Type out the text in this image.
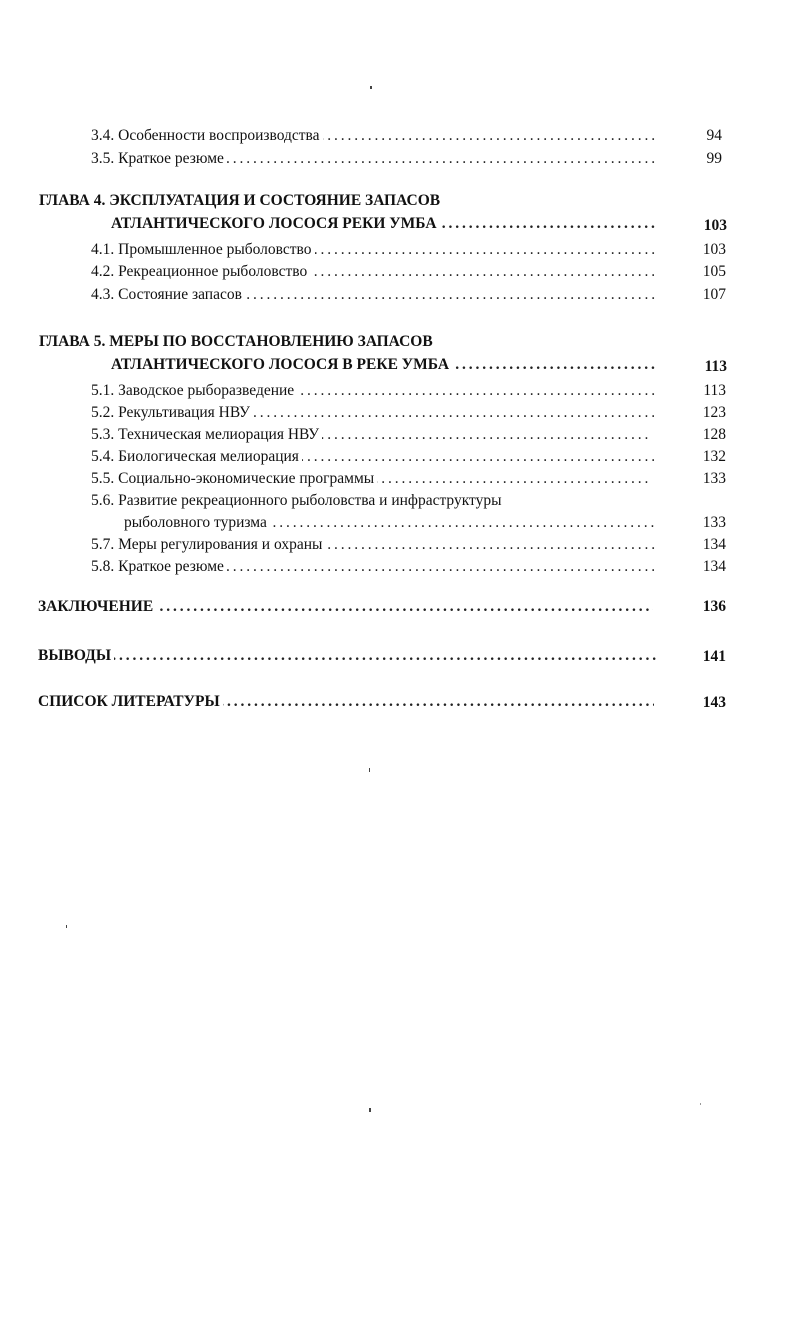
3.4. Особенности воспроизводства . . .	94
3.5. Краткое резюме . . .	99
ГЛАВА 4. ЭКСПЛУАТАЦИЯ И СОСТОЯНИЕ ЗАПАСОВ
АТЛАНТИЧЕСКОГО ЛОСОСЯ РЕКИ УМБА . . .	103
4.1. Промышленное рыболовство . . .	103
4.2. Рекреационное рыболовство . . .	105
4.3. Состояние запасов . . .	107
ГЛАВА 5. МЕРЫ ПО ВОССТАНОВЛЕНИЮ ЗАПАСОВ
АТЛАНТИЧЕСКОГО ЛОСОСЯ В РЕКЕ УМБА . . .	113
5.1. Заводское рыборазведение . . .	113
5.2. Рекультивация НВУ . . .	123
5.3. Техническая мелиорация НВУ . . .	128
5.4. Биологическая мелиорация . . .	132
5.5. Социально-экономические программы . . .	133
5.6. Развитие рекреационного рыболовства и инфраструктуры
рыболовного туризма . . .	133
5.7. Меры регулирования и охраны . . .	134
5.8. Краткое резюме . . .	134
ЗАКЛЮЧЕНИЕ . . .	136
ВЫВОДЫ . . .	141
СПИСОК ЛИТЕРАТУРЫ . . .	143
